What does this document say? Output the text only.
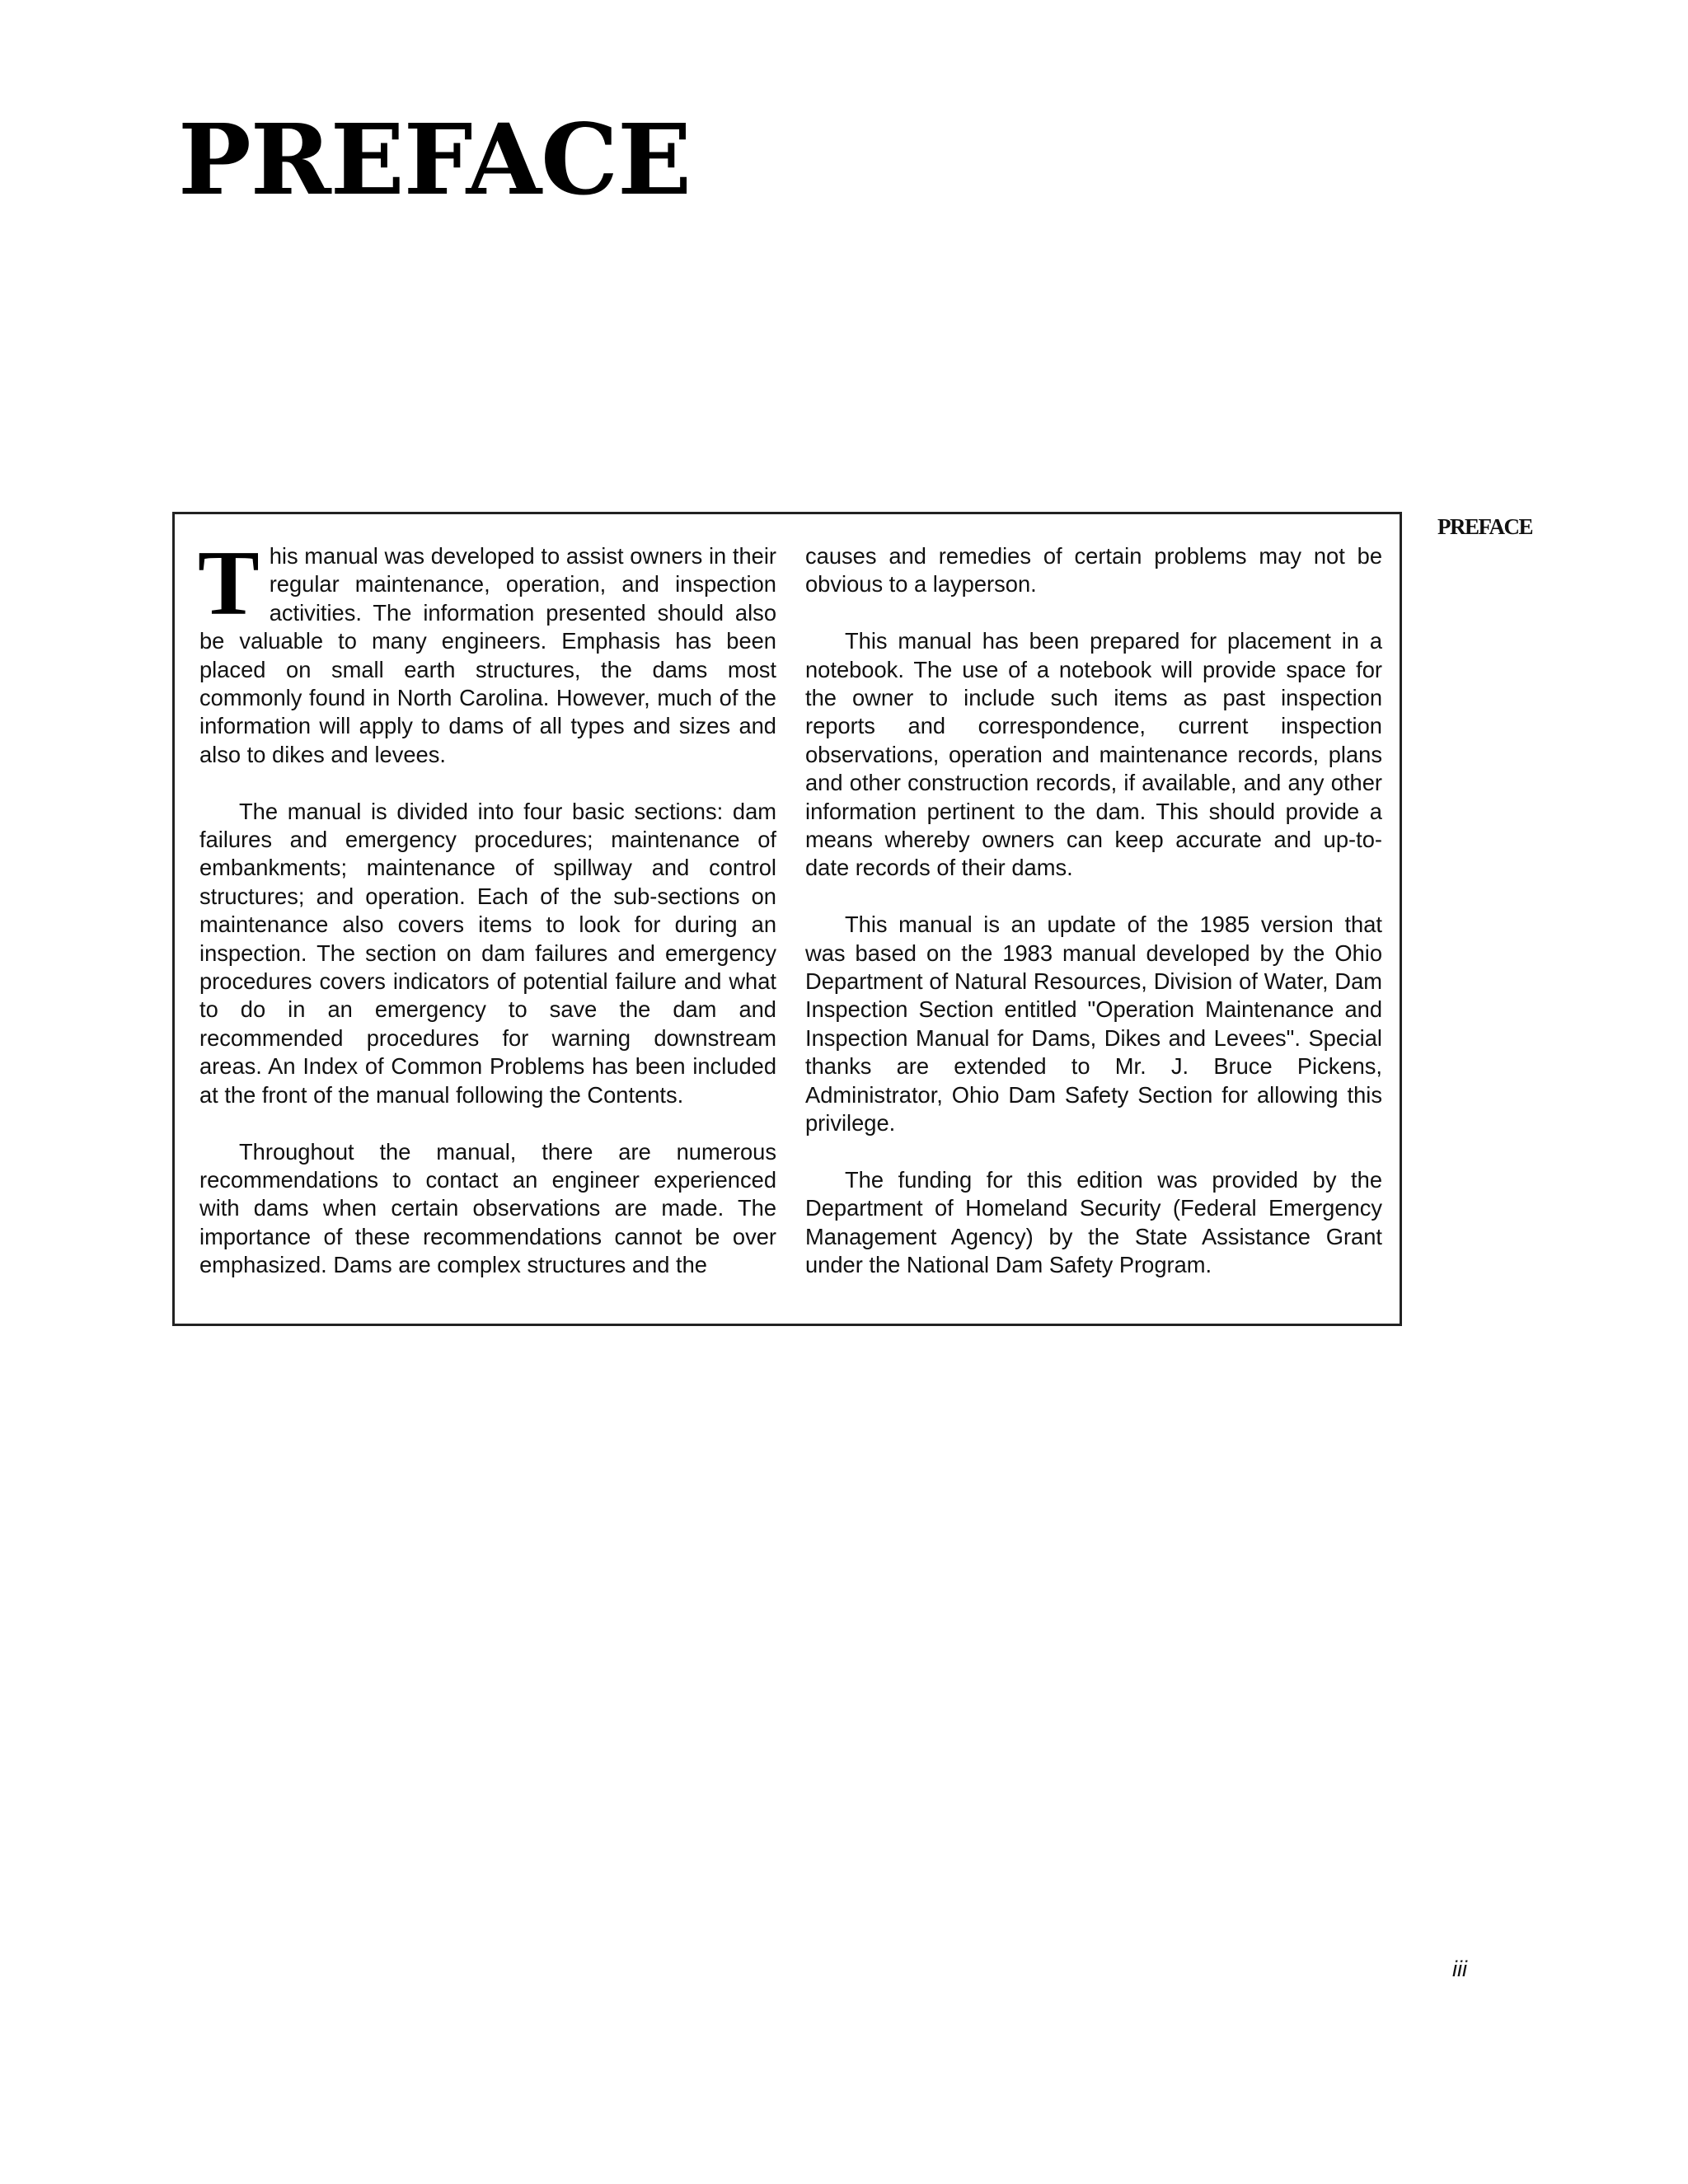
PREFACE
PREFACE

This manual was developed to assist owners in their regular maintenance, operation, and inspection activities. The information presented should also be valuable to many engineers. Emphasis has been placed on small earth structures, the dams most commonly found in North Carolina. However, much of the information will apply to dams of all types and sizes and also to dikes and levees.

The manual is divided into four basic sections: dam failures and emergency procedures; maintenance of embankments; maintenance of spillway and control structures; and operation. Each of the sub-sections on maintenance also covers items to look for during an inspection. The section on dam failures and emergency procedures covers indicators of potential failure and what to do in an emergency to save the dam and recommended procedures for warning downstream areas. An Index of Common Problems has been included at the front of the manual following the Contents.

Throughout the manual, there are numerous recommendations to contact an engineer experienced with dams when certain observations are made. The importance of these recommendations cannot be over emphasized. Dams are complex structures and the

causes and remedies of certain problems may not be obvious to a layperson.

This manual has been prepared for placement in a notebook. The use of a notebook will provide space for the owner to include such items as past inspection reports and correspondence, current inspection observations, operation and maintenance records, plans and other construction records, if available, and any other information pertinent to the dam. This should provide a means whereby owners can keep accurate and up-to-date records of their dams.

This manual is an update of the 1985 version that was based on the 1983 manual developed by the Ohio Department of Natural Resources, Division of Water, Dam Inspection Section entitled "Operation Maintenance and Inspection Manual for Dams, Dikes and Levees". Special thanks are extended to Mr. J. Bruce Pickens, Administrator, Ohio Dam Safety Section for allowing this privilege.

The funding for this edition was provided by the Department of Homeland Security (Federal Emergency Management Agency) by the State Assistance Grant under the National Dam Safety Program.

iii
